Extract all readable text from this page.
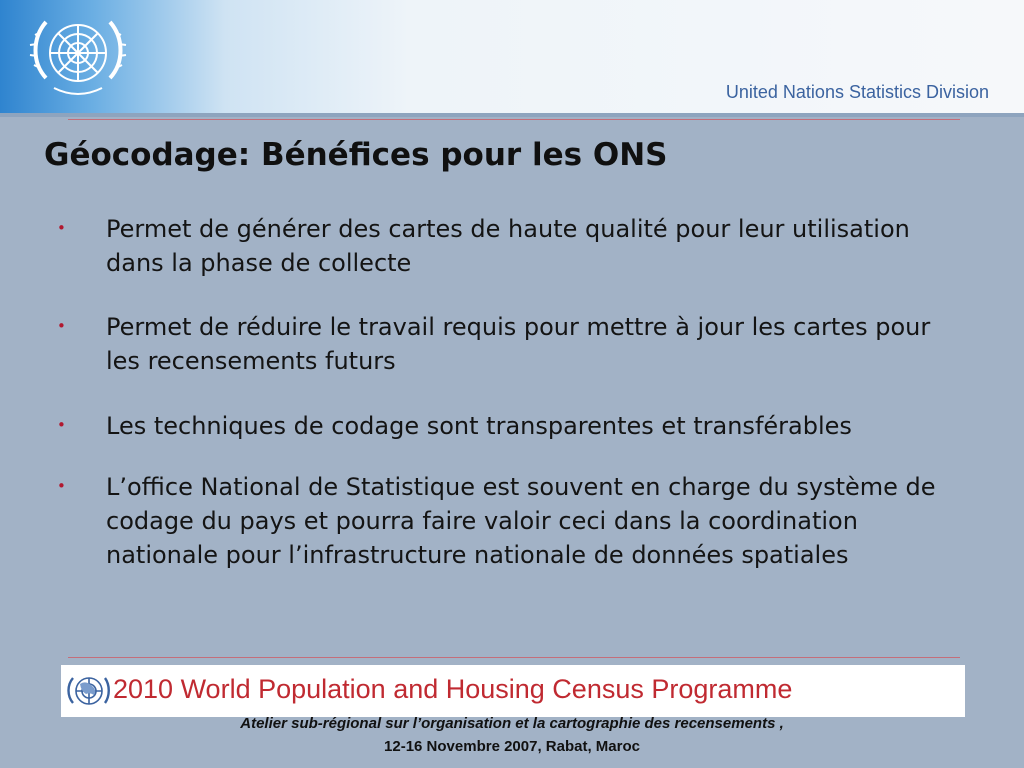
United Nations Statistics Division
Géocodage: Bénéfices pour les ONS
• Permet de générer des cartes de haute qualité pour leur utilisation dans la phase de collecte
• Permet de réduire le travail requis pour mettre à jour les cartes pour les recensements futurs
• Les techniques de codage sont transparentes et transférables
• L’office National de Statistique est souvent en charge du système de codage du pays et pourra faire valoir ceci dans la coordination nationale pour l’infrastructure nationale de données spatiales
2010 World Population and Housing Census Programme
Atelier sub-régional sur l’organisation et la cartographie des recensements ,
12-16 Novembre 2007, Rabat, Maroc
